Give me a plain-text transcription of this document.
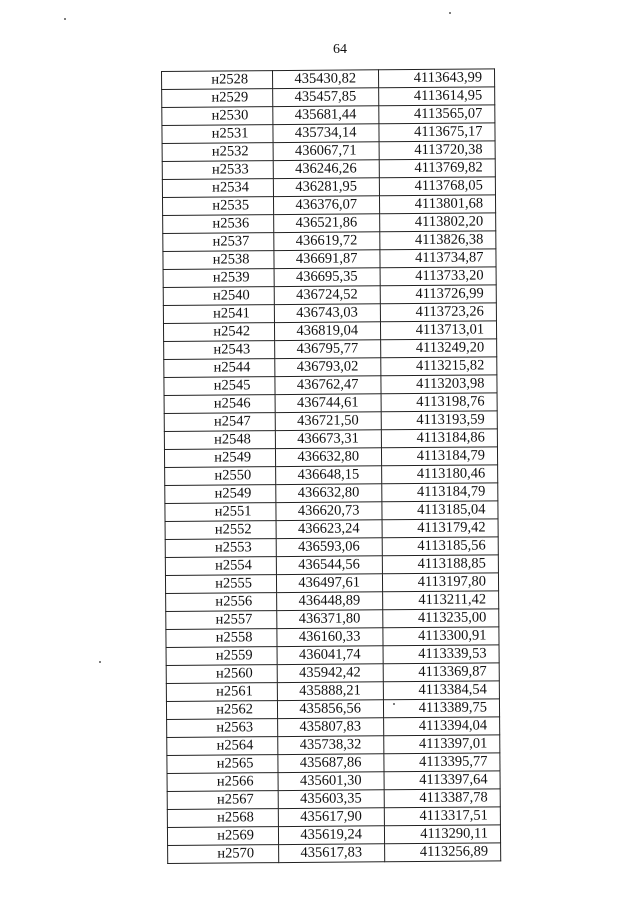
64
н2528	435430,82	4113643,99
н2529	435457,85	4113614,95
н2530	435681,44	4113565,07
н2531	435734,14	4113675,17
н2532	436067,71	4113720,38
н2533	436246,26	4113769,82
н2534	436281,95	4113768,05
н2535	436376,07	4113801,68
н2536	436521,86	4113802,20
н2537	436619,72	4113826,38
н2538	436691,87	4113734,87
н2539	436695,35	4113733,20
н2540	436724,52	4113726,99
н2541	436743,03	4113723,26
н2542	436819,04	4113713,01
н2543	436795,77	4113249,20
н2544	436793,02	4113215,82
н2545	436762,47	4113203,98
н2546	436744,61	4113198,76
н2547	436721,50	4113193,59
н2548	436673,31	4113184,86
н2549	436632,80	4113184,79
н2550	436648,15	4113180,46
н2549	436632,80	4113184,79
н2551	436620,73	4113185,04
н2552	436623,24	4113179,42
н2553	436593,06	4113185,56
н2554	436544,56	4113188,85
н2555	436497,61	4113197,80
н2556	436448,89	4113211,42
н2557	436371,80	4113235,00
н2558	436160,33	4113300,91
н2559	436041,74	4113339,53
н2560	435942,42	4113369,87
н2561	435888,21	4113384,54
н2562	435856,56	4113389,75
н2563	435807,83	4113394,04
н2564	435738,32	4113397,01
н2565	435687,86	4113395,77
н2566	435601,30	4113397,64
н2567	435603,35	4113387,78
н2568	435617,90	4113317,51
н2569	435619,24	4113290,11
н2570	435617,83	4113256,89
